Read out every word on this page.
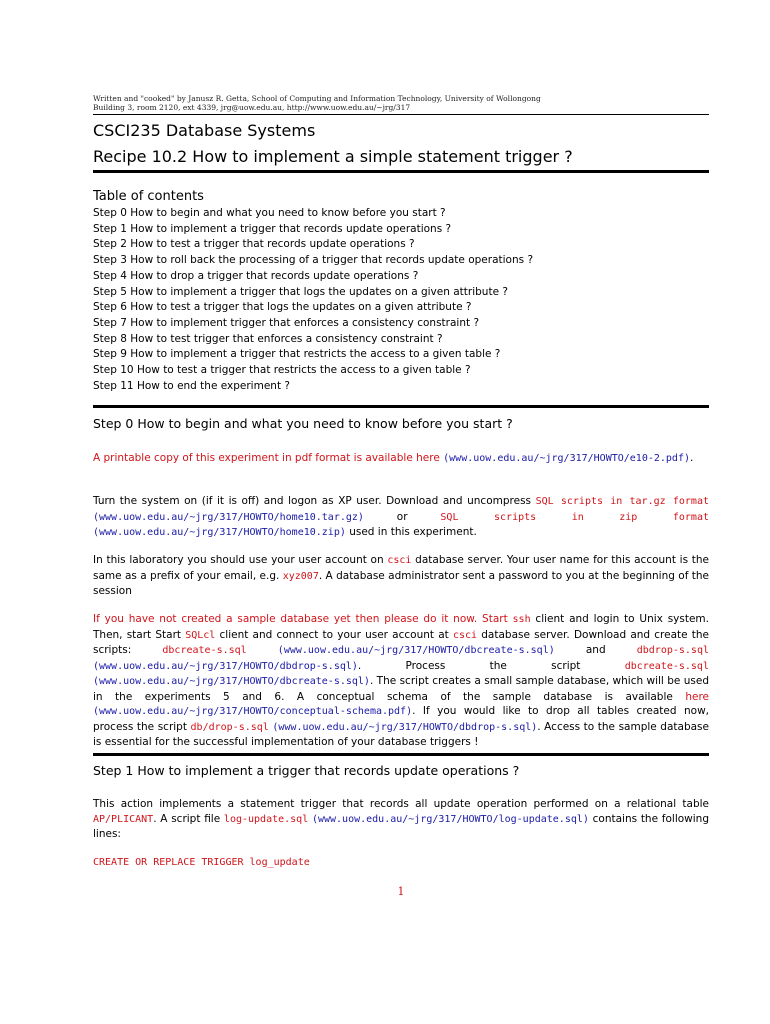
Written and "cooked" by Janusz R. Getta, School of Computing and Information Technology, University of Wollongong
Building 3, room 2120, ext 4339, jrg@uow.edu.au, http://www.uow.edu.au/~jrg/317
CSCI235 Database Systems
Recipe 10.2 How to implement a simple statement trigger ?
Table of contents
Step 0 How to begin and what you need to know before you start ?
Step 1 How to implement a trigger that records update operations ?
Step 2 How to test a trigger that records update operations ?
Step 3 How to roll back the processing of a trigger that records update operations ?
Step 4 How to drop a trigger that records update operations ?
Step 5 How to implement a trigger that logs the updates on a given attribute ?
Step 6 How to test a trigger that logs the updates on a given attribute ?
Step 7 How to implement trigger that enforces a consistency constraint ?
Step 8 How to test trigger that enforces a consistency constraint ?
Step 9 How to implement a trigger that restricts the access to a given table ?
Step 10 How to test a trigger that restricts the access to a given table ?
Step 11 How to end the experiment ?
Step 0 How to begin and what you need to know before you start ?
A printable copy of this experiment in pdf format is available here (www.uow.edu.au/~jrg/317/HOWTO/e10-2.pdf).
Turn the system on (if it is off) and logon as XP user. Download and uncompress SQL scripts in tar.gz format (www.uow.edu.au/~jrg/317/HOWTO/home10.tar.gz)	or	SQL scripts in zip format (www.uow.edu.au/~jrg/317/HOWTO/home10.zip) used in this experiment.
In this laboratory you should use your user account on csci database server. Your user name for this account is the same as a prefix of your email, e.g. xyz007. A database administrator sent a password to you at the beginning of the session
If you have not created a sample database yet then please do it now. Start ssh client and login to Unix system. Then, start Start SQLcl client and connect to your user account at csci database server. Download and create the scripts:	dbcreate-s.sql	(www.uow.edu.au/~jrg/317/HOWTO/dbcreate-s.sql)	and	dbdrop-s.sql (www.uow.edu.au/~jrg/317/HOWTO/dbdrop-s.sql). Process the script	dbcreate-s.sql (www.uow.edu.au/~jrg/317/HOWTO/dbcreate-s.sql). The script creates a small sample database, which will be used in the experiments 5 and 6. A conceptual schema of the sample database is available here (www.uow.edu.au/~jrg/317/HOWTO/conceptual-schema.pdf). If you would like to drop all tables created now, process the script db/drop-s.sql (www.uow.edu.au/~jrg/317/HOWTO/dbdrop-s.sql). Access to the sample database is essential for the successful implementation of your database triggers !
Step 1 How to implement a trigger that records update operations ?
This action implements a statement trigger that records all update operation performed on a relational table AP/PLICANT. A script file log-update.sql (www.uow.edu.au/~jrg/317/HOWTO/log-update.sql) contains the following lines:
CREATE OR REPLACE TRIGGER log_update
1
